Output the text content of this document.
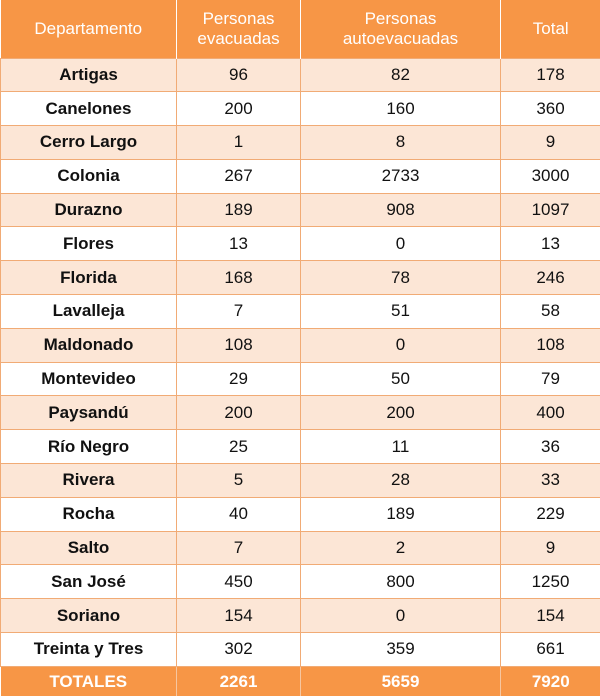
Departamento	Personas evacuadas	Personas autoevacuadas	Total
Artigas	96	82	178
Canelones	200	160	360
Cerro Largo	1	8	9
Colonia	267	2733	3000
Durazno	189	908	1097
Flores	13	0	13
Florida	168	78	246
Lavalleja	7	51	58
Maldonado	108	0	108
Montevideo	29	50	79
Paysandú	200	200	400
Río Negro	25	11	36
Rivera	5	28	33
Rocha	40	189	229
Salto	7	2	9
San José	450	800	1250
Soriano	154	0	154
Treinta y Tres	302	359	661
TOTALES	2261	5659	7920
